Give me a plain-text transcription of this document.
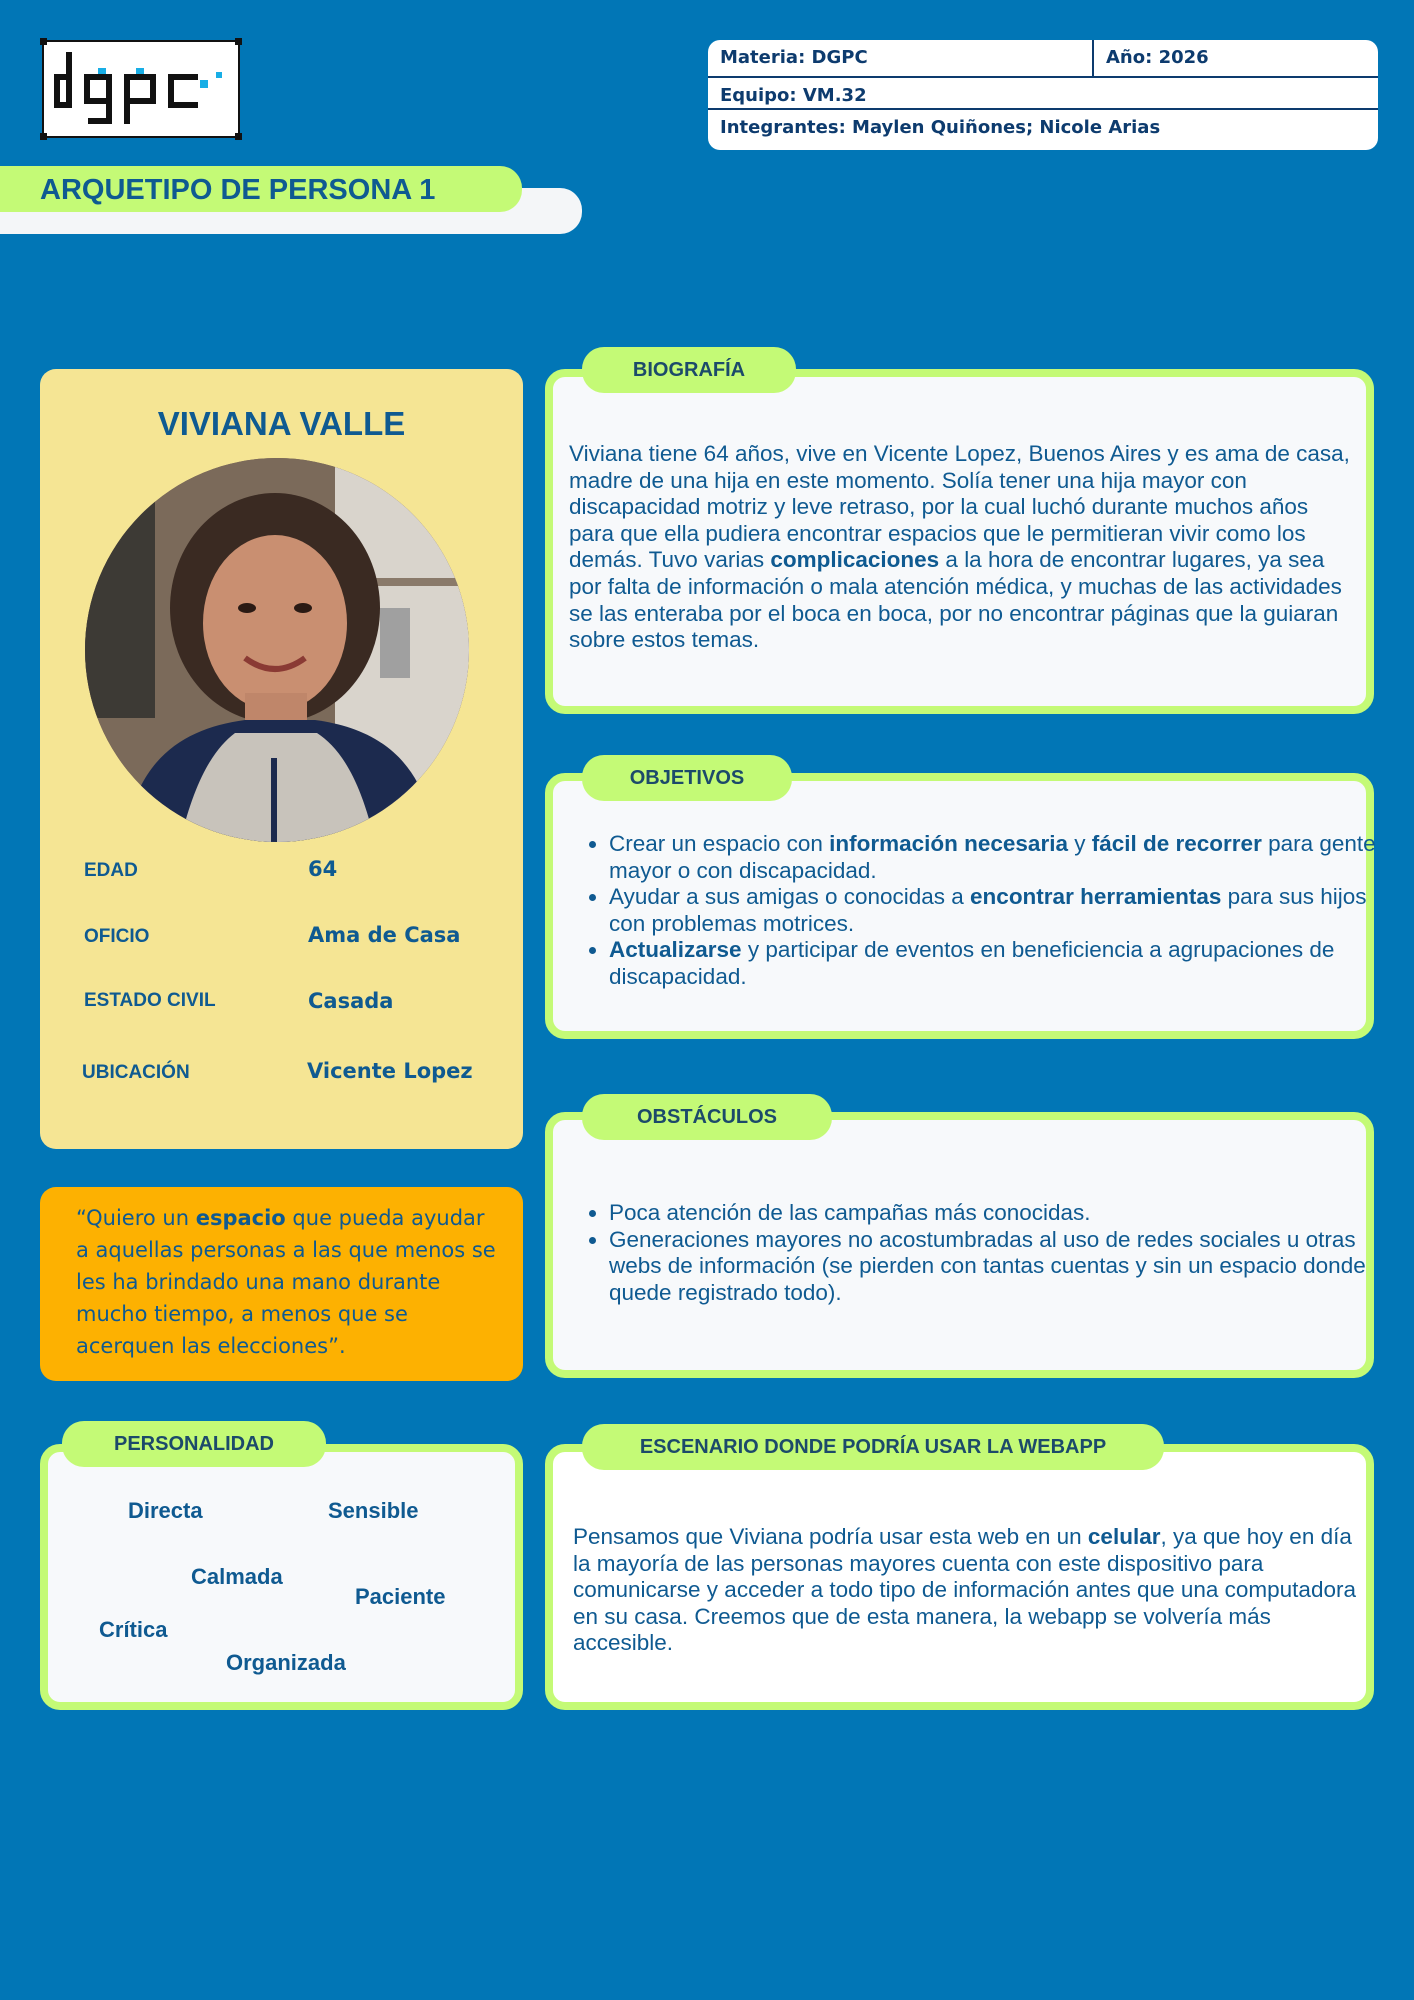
Materia: DGPC	Año: 2026
Equipo: VM.32
Integrantes: Maylen Quiñones; Nicole Arias
ARQUETIPO DE PERSONA 1
VIVIANA VALLE
EDAD	64
OFICIO	Ama de Casa
ESTADO CIVIL	Casada
UBICACIÓN	Vicente Lopez

“Quiero un espacio que pueda ayudar a aquellas personas a las que menos se les ha brindado una mano durante mucho tiempo, a menos que se acerquen las elecciones”.

Viviana tiene 64 años, vive en Vicente Lopez, Buenos Aires y es ama de casa, madre de una hija en este momento. Solía tener una hija mayor con discapacidad motriz y leve retraso, por la cual luchó durante muchos años para que ella pudiera encontrar espacios que le permitieran vivir como los demás. Tuvo varias complicaciones a la hora de encontrar lugares, ya sea por falta de información o mala atención médica, y muchas de las actividades se las enteraba por el boca en boca, por no encontrar páginas que la guiaran sobre estos temas.

BIOGRAFÍA
• Crear un espacio con información necesaria y fácil de recorrer para gente mayor o con discapacidad.
• Ayudar a sus amigas o conocidas a encontrar herramientas para sus hijos con problemas motrices.
• Actualizarse y participar de eventos en beneficiencia a agrupaciones de discapacidad.
OBJETIVOS
• Poca atención de las campañas más conocidas.
• Generaciones mayores no acostumbradas al uso de redes sociales u otras webs de información (se pierden con tantas cuentas y sin un espacio donde quede registrado todo).
OBSTÁCULOS
Directa	Sensible
Calmada
Paciente
Crítica
Organizada
PERSONALIDAD

Pensamos que Viviana podría usar esta web en un celular, ya que hoy en día la mayoría de las personas mayores cuenta con este dispositivo para comunicarse y acceder a todo tipo de información antes que una computadora en su casa. Creemos que de esta manera, la webapp se volvería más accesible.

ESCENARIO DONDE PODRÍA USAR LA WEBAPP
